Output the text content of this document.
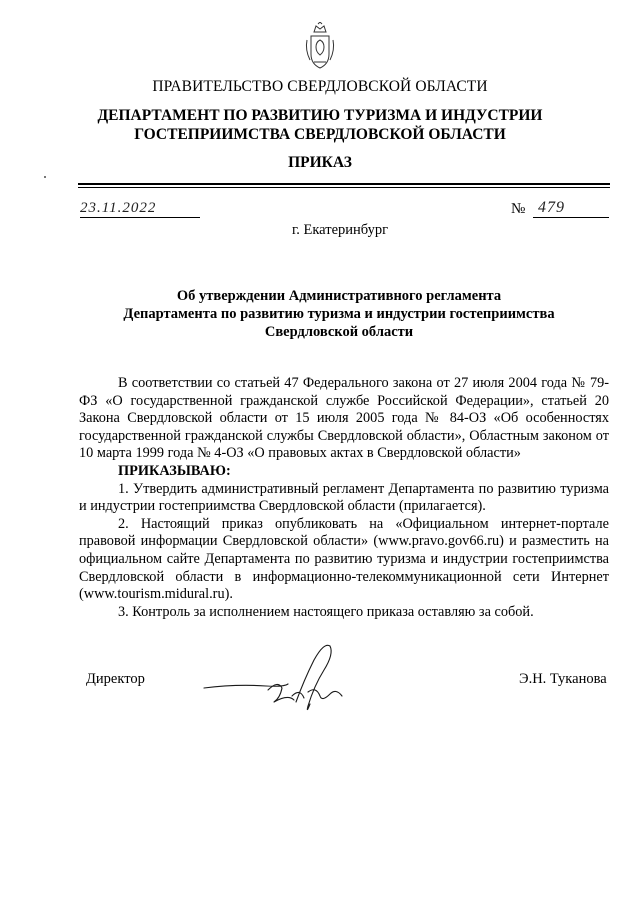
ПРАВИТЕЛЬСТВО СВЕРДЛОВСКОЙ ОБЛАСТИ
ДЕПАРТАМЕНТ ПО РАЗВИТИЮ ТУРИЗМА И ИНДУСТРИИ
ГОСТЕПРИИМСТВА СВЕРДЛОВСКОЙ ОБЛАСТИ
ПРИКАЗ
23.11.2022	№ 479
г. Екатеринбург
Об утверждении Административного регламента
Департамента по развитию туризма и индустрии гостеприимства
Свердловской области

В соответствии со статьей 47 Федерального закона от 27 июля 2004 года № 79-ФЗ «О государственной гражданской службе Российской Федерации», статьей 20 Закона Свердловской области от 15 июля 2005 года № 84-ОЗ «Об особенностях государственной гражданской службы Свердловской области», Областным законом от 10 марта 1999 года № 4-ОЗ «О правовых актах в Свердловской области»

ПРИКАЗЫВАЮ:

1. Утвердить административный регламент Департамента по развитию туризма и индустрии гостеприимства Свердловской области (прилагается).

2. Настоящий приказ опубликовать на «Официальном интернет-портале правовой информации Свердловской области» (www.pravo.gov66.ru) и разместить на официальном сайте Департамента по развитию туризма и индустрии гостеприимства Свердловской области в информационно-телекоммуникационной сети Интернет (www.tourism.midural.ru).

3. Контроль за исполнением настоящего приказа оставляю за собой.

Директор	Э.Н. Туканова
